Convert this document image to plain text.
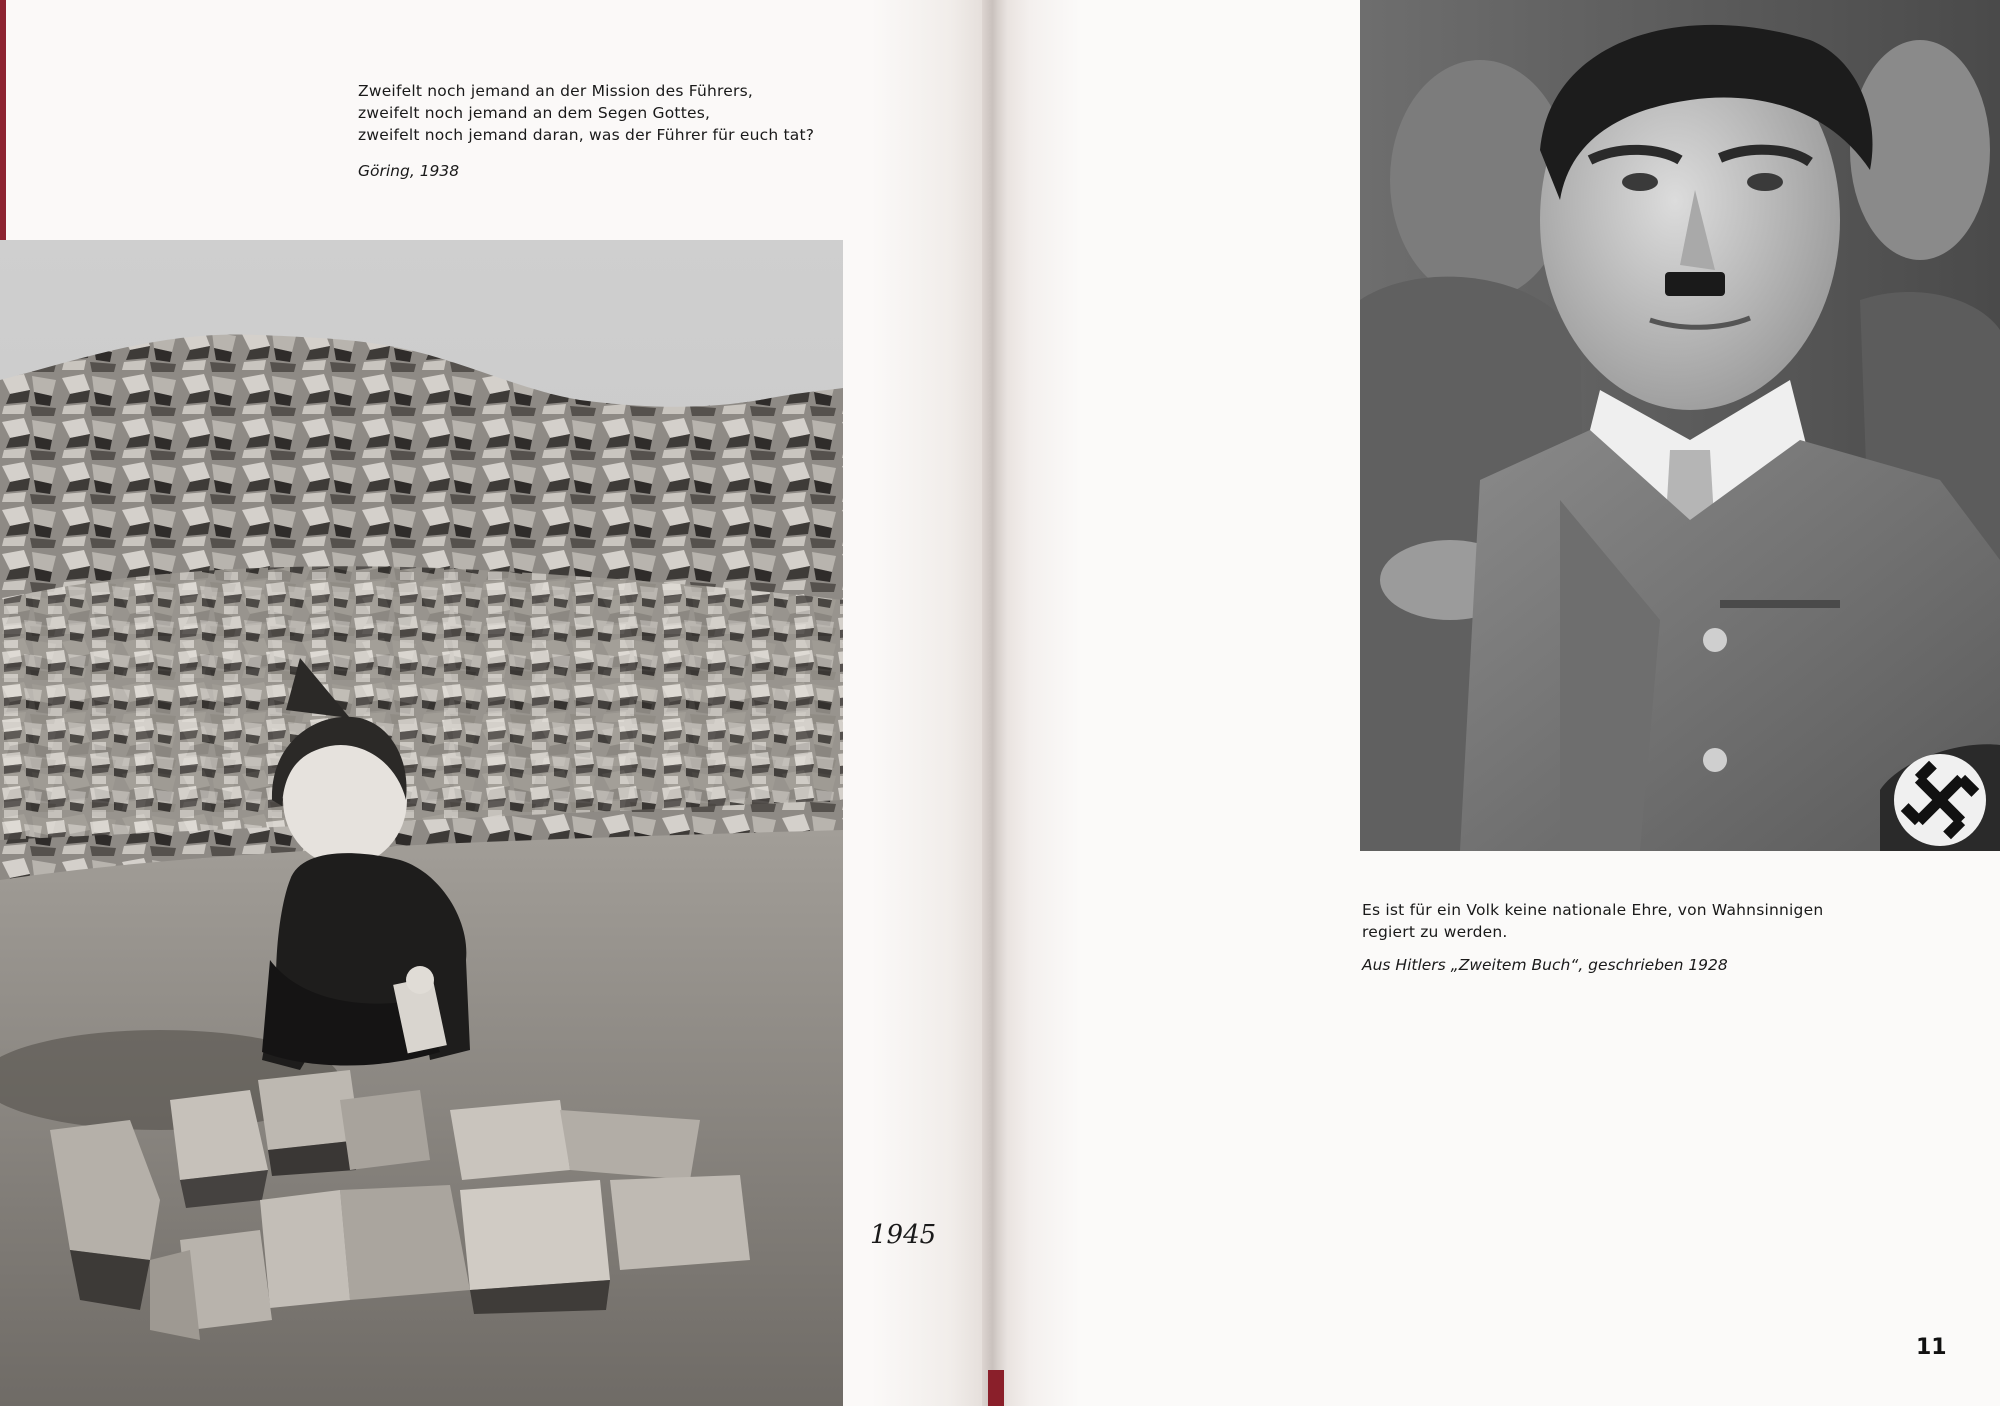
Zweifelt noch jemand an der Mission des Führers,
zweifelt noch jemand an dem Segen Gottes,
zweifelt noch jemand daran, was der Führer für euch tat?
Göring, 1938
1945
Es ist für ein Volk keine nationale Ehre, von Wahnsinnigen
regiert zu werden.
Aus Hitlers „Zweitem Buch“, geschrieben 1928
11
